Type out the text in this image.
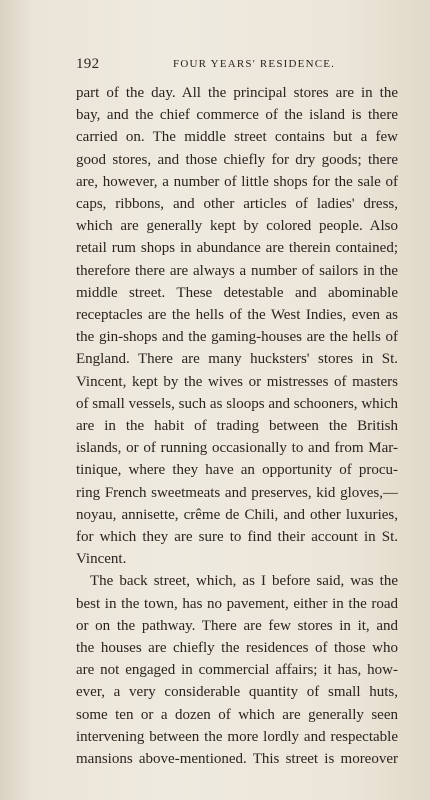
192	FOUR YEARS' RESIDENCE.
part of the day. All the principal stores are in the
bay, and the chief commerce of the island is there
carried on. The middle street contains but a few
good stores, and those chiefly for dry goods; there
are, however, a number of little shops for the sale of
caps, ribbons, and other articles of ladies' dress,
which are generally kept by colored people. Also
retail rum shops in abundance are therein contained;
therefore there are always a number of sailors in the
middle street. These detestable and abominable
receptacles are the hells of the West Indies, even as
the gin-shops and the gaming-houses are the hells of
England. There are many hucksters' stores in St.
Vincent, kept by the wives or mistresses of masters
of small vessels, such as sloops and schooners, which
are in the habit of trading between the British
islands, or of running occasionally to and from Mar-
tinique, where they have an opportunity of procu-
ring French sweetmeats and preserves, kid gloves,—
noyau, annisette, crême de Chili, and other luxuries,
for which they are sure to find their account in St.
Vincent.
The back street, which, as I before said, was the
best in the town, has no pavement, either in the road
or on the pathway. There are few stores in it, and
the houses are chiefly the residences of those who
are not engaged in commercial affairs; it has, how-
ever, a very considerable quantity of small huts,
some ten or a dozen of which are generally seen
intervening between the more lordly and respectable
mansions above-mentioned. This street is moreover
